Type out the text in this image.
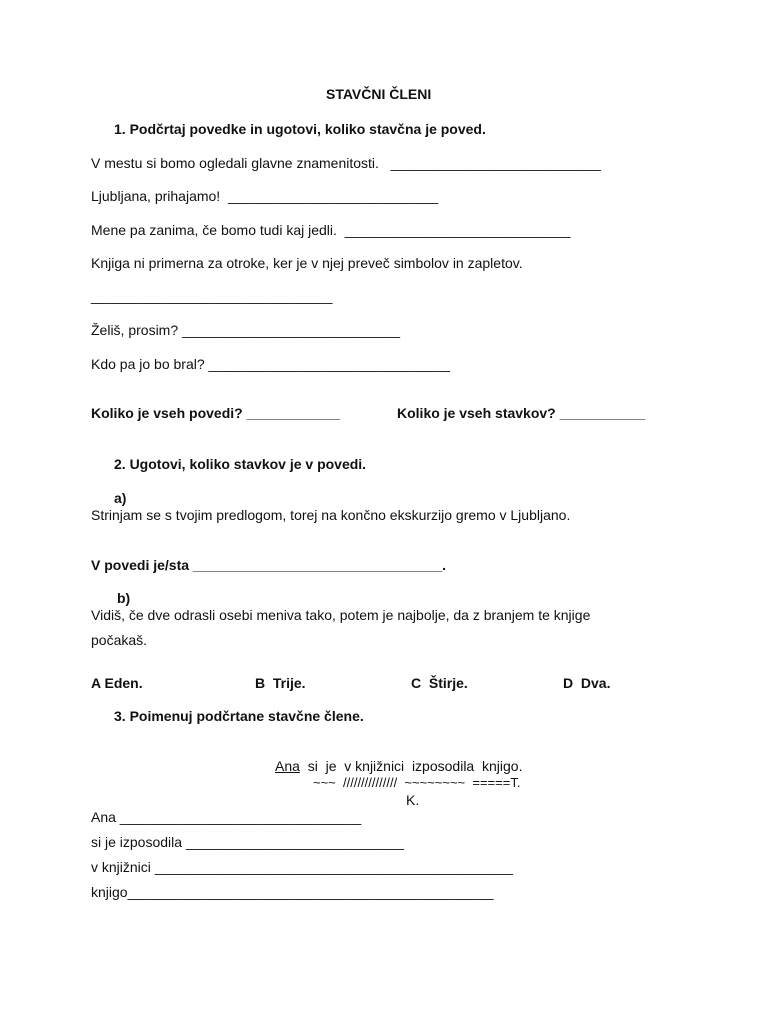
STAVČNI ČLENI
1. Podčrtaj povedke in ugotovi, koliko stavčna je poved.
V mestu si bomo ogledali glavne znamenitosti.   ___________________________
Ljubljana, prihajamo!  ___________________________
Mene pa zanima, če bomo tudi kaj jedli.  _____________________________
Knjiga ni primerna za otroke, ker je v njej preveč simbolov in zapletov.
_______________________________
Želiš, prosim? ____________________________
Kdo pa jo bo bral? _______________________________
Koliko je vseh povedi? ____________	Koliko je vseh stavkov? ___________
2. Ugotovi, koliko stavkov je v povedi.
a)
Strinjam se s tvojim predlogom, torej na končno ekskurzijo gremo v Ljubljano.
V povedi je/sta ________________________________.
b)
Vidiš, če dve odrasli osebi meniva tako, potem je najbolje, da z branjem te knjige
počakaš.
A Eden.	B  Trije.	C  Štirje.	D  Dva.
3. Poimenuj podčrtane stavčne člene.
Ana  si  je  v knjižnici  izposodila  knjigo.
~~~  ///////////////  ~~~~~~~~  =====T.
K.
Ana _______________________________
si je izposodila ____________________________
v knjižnici ______________________________________________
knjigo_______________________________________________
